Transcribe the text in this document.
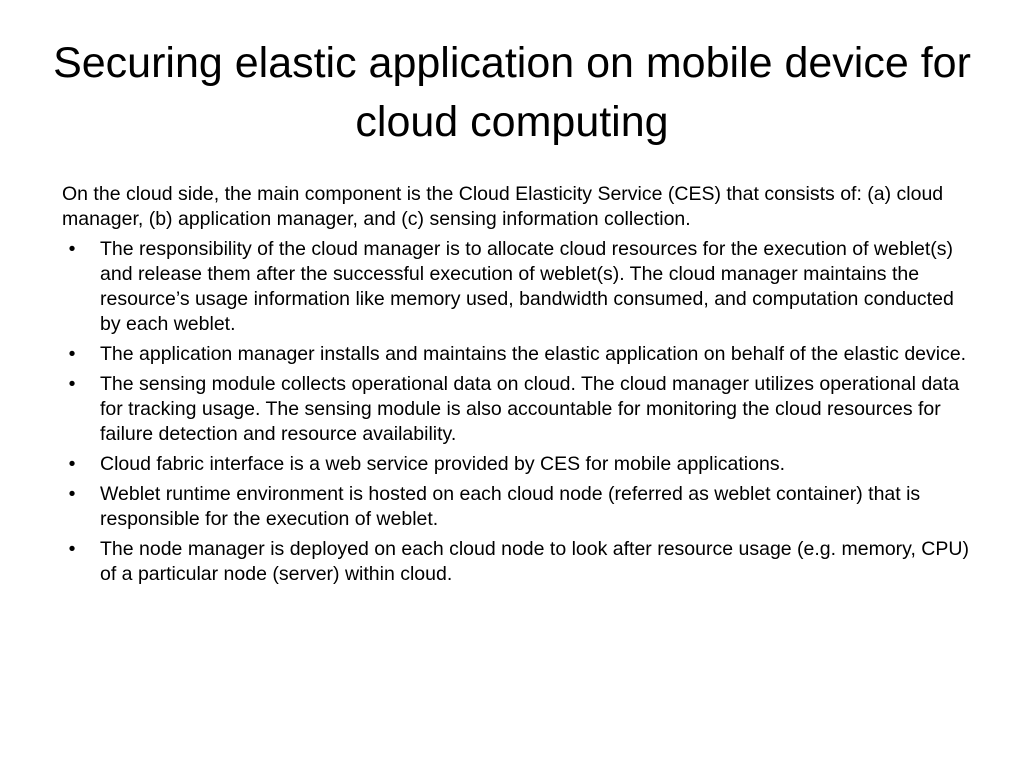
Securing elastic application on mobile device for cloud computing

On the cloud side, the main component is the Cloud Elasticity Service (CES) that consists of: (a) cloud manager, (b) application manager, and (c) sensing information collection.

•	The responsibility of the cloud manager is to allocate cloud resources for the execution of weblet(s) and release them after the successful execution of weblet(s). The cloud manager maintains the resource’s usage information like memory used, bandwidth consumed, and computation conducted by each weblet.
•	The application manager installs and maintains the elastic application on behalf of the elastic device.
•	The sensing module collects operational data on cloud. The cloud manager utilizes operational data for tracking usage. The sensing module is also accountable for monitoring the cloud resources for failure detection and resource availability.
•	Cloud fabric interface is a web service provided by CES for mobile applications.
•	Weblet runtime environment is hosted on each cloud node (referred as weblet container) that is responsible for the execution of weblet.
•	The node manager is deployed on each cloud node to look after resource usage (e.g. memory, CPU) of a particular node (server) within cloud.
